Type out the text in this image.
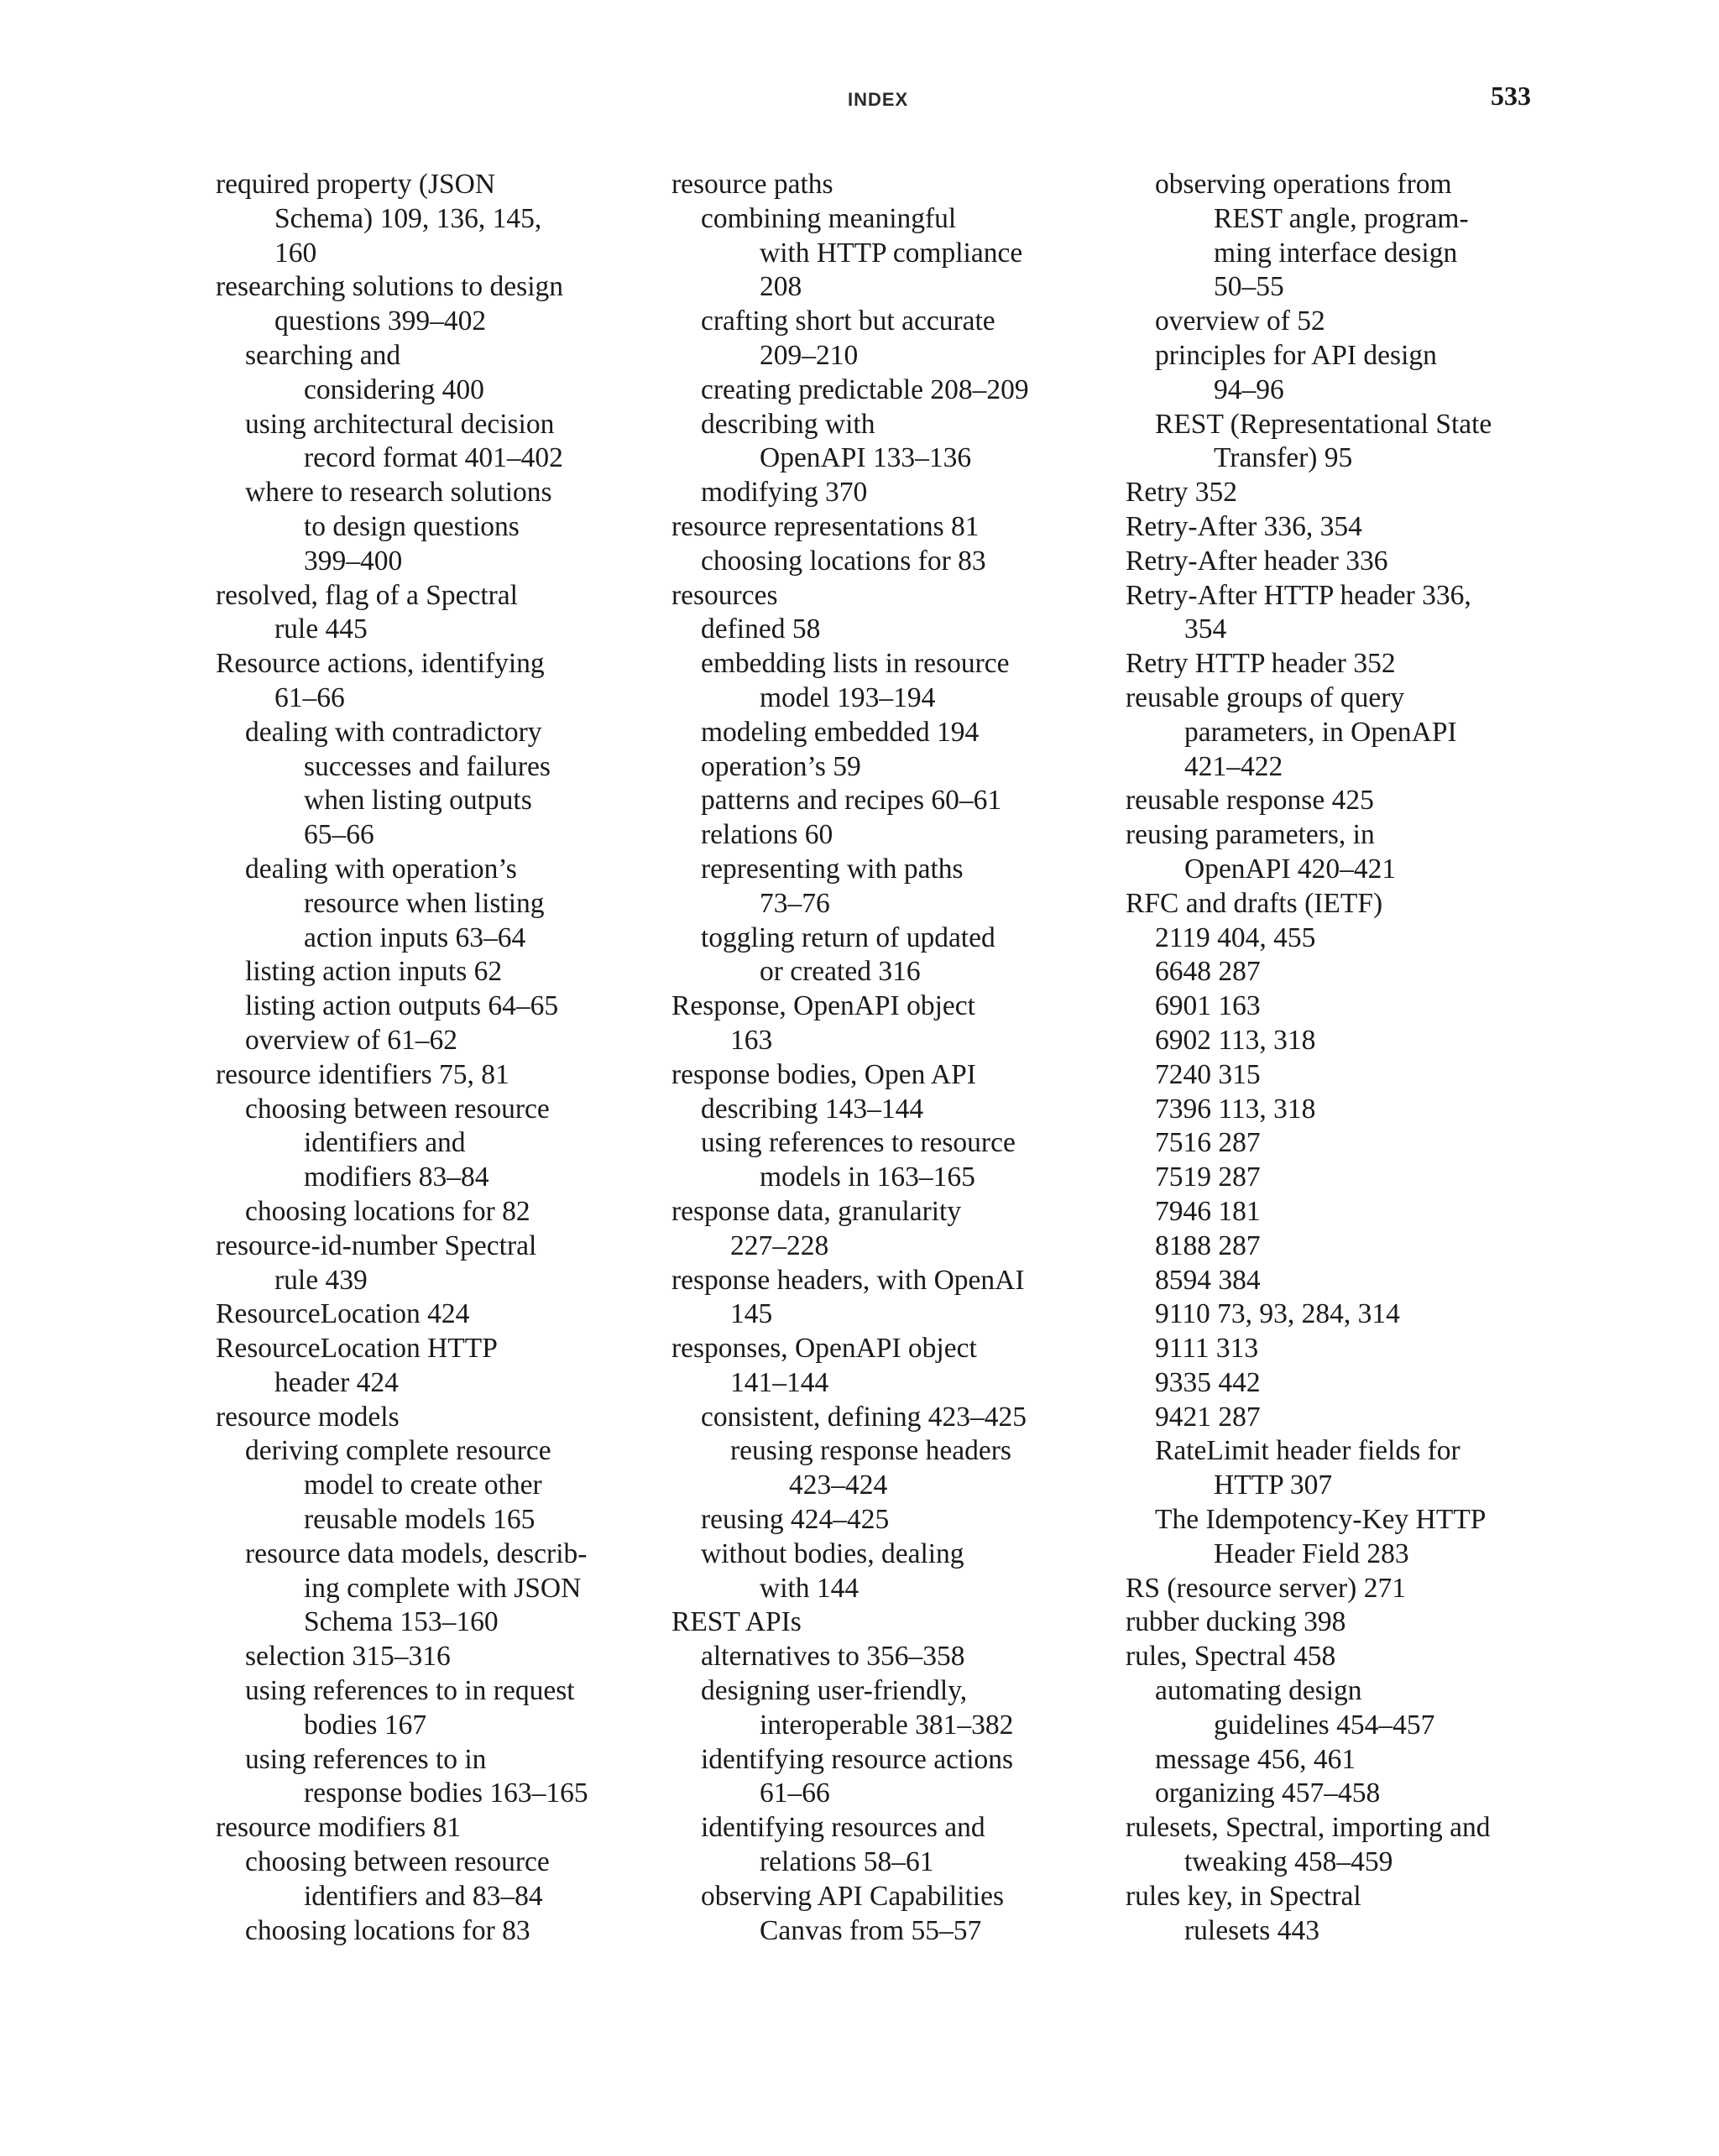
INDEX	533
required property (JSON
Schema) 109, 136, 145,
160
researching solutions to design
questions 399–402
searching and
considering 400
using architectural decision
record format 401–402
where to research solutions
to design questions
399–400
resolved, flag of a Spectral
rule 445
Resource actions, identifying
61–66
dealing with contradictory
successes and failures
when listing outputs
65–66
dealing with operation’s
resource when listing
action inputs 63–64
listing action inputs 62
listing action outputs 64–65
overview of 61–62
resource identifiers 75, 81
choosing between resource
identifiers and
modifiers 83–84
choosing locations for 82
resource-id-number Spectral
rule 439
ResourceLocation 424
ResourceLocation HTTP
header 424
resource models
deriving complete resource
model to create other
reusable models 165
resource data models, describ-
ing complete with JSON
Schema 153–160
selection 315–316
using references to in request
bodies 167
using references to in
response bodies 163–165
resource modifiers 81
choosing between resource
identifiers and 83–84
choosing locations for 83
resource paths
combining meaningful
with HTTP compliance
208
crafting short but accurate
209–210
creating predictable 208–209
describing with
OpenAPI 133–136
modifying 370
resource representations 81
choosing locations for 83
resources
defined 58
embedding lists in resource
model 193–194
modeling embedded 194
operation’s 59
patterns and recipes 60–61
relations 60
representing with paths
73–76
toggling return of updated
or created 316
Response, OpenAPI object
163
response bodies, Open API
describing 143–144
using references to resource
models in 163–165
response data, granularity
227–228
response headers, with OpenAI
145
responses, OpenAPI object
141–144
consistent, defining 423–425
reusing response headers
423–424
reusing 424–425
without bodies, dealing
with 144
REST APIs
alternatives to 356–358
designing user-friendly,
interoperable 381–382
identifying resource actions
61–66
identifying resources and
relations 58–61
observing API Capabilities
Canvas from 55–57
observing operations from
REST angle, program-
ming interface design
50–55
overview of 52
principles for API design
94–96
REST (Representational State
Transfer) 95
Retry 352
Retry-After 336, 354
Retry-After header 336
Retry-After HTTP header 336,
354
Retry HTTP header 352
reusable groups of query
parameters, in OpenAPI
421–422
reusable response 425
reusing parameters, in
OpenAPI 420–421
RFC and drafts (IETF)
2119 404, 455
6648 287
6901 163
6902 113, 318
7240 315
7396 113, 318
7516 287
7519 287
7946 181
8188 287
8594 384
9110 73, 93, 284, 314
9111 313
9335 442
9421 287
RateLimit header fields for
HTTP 307
The Idempotency-Key HTTP
Header Field 283
RS (resource server) 271
rubber ducking 398
rules, Spectral 458
automating design
guidelines 454–457
message 456, 461
organizing 457–458
rulesets, Spectral, importing and
tweaking 458–459
rules key, in Spectral
rulesets 443
